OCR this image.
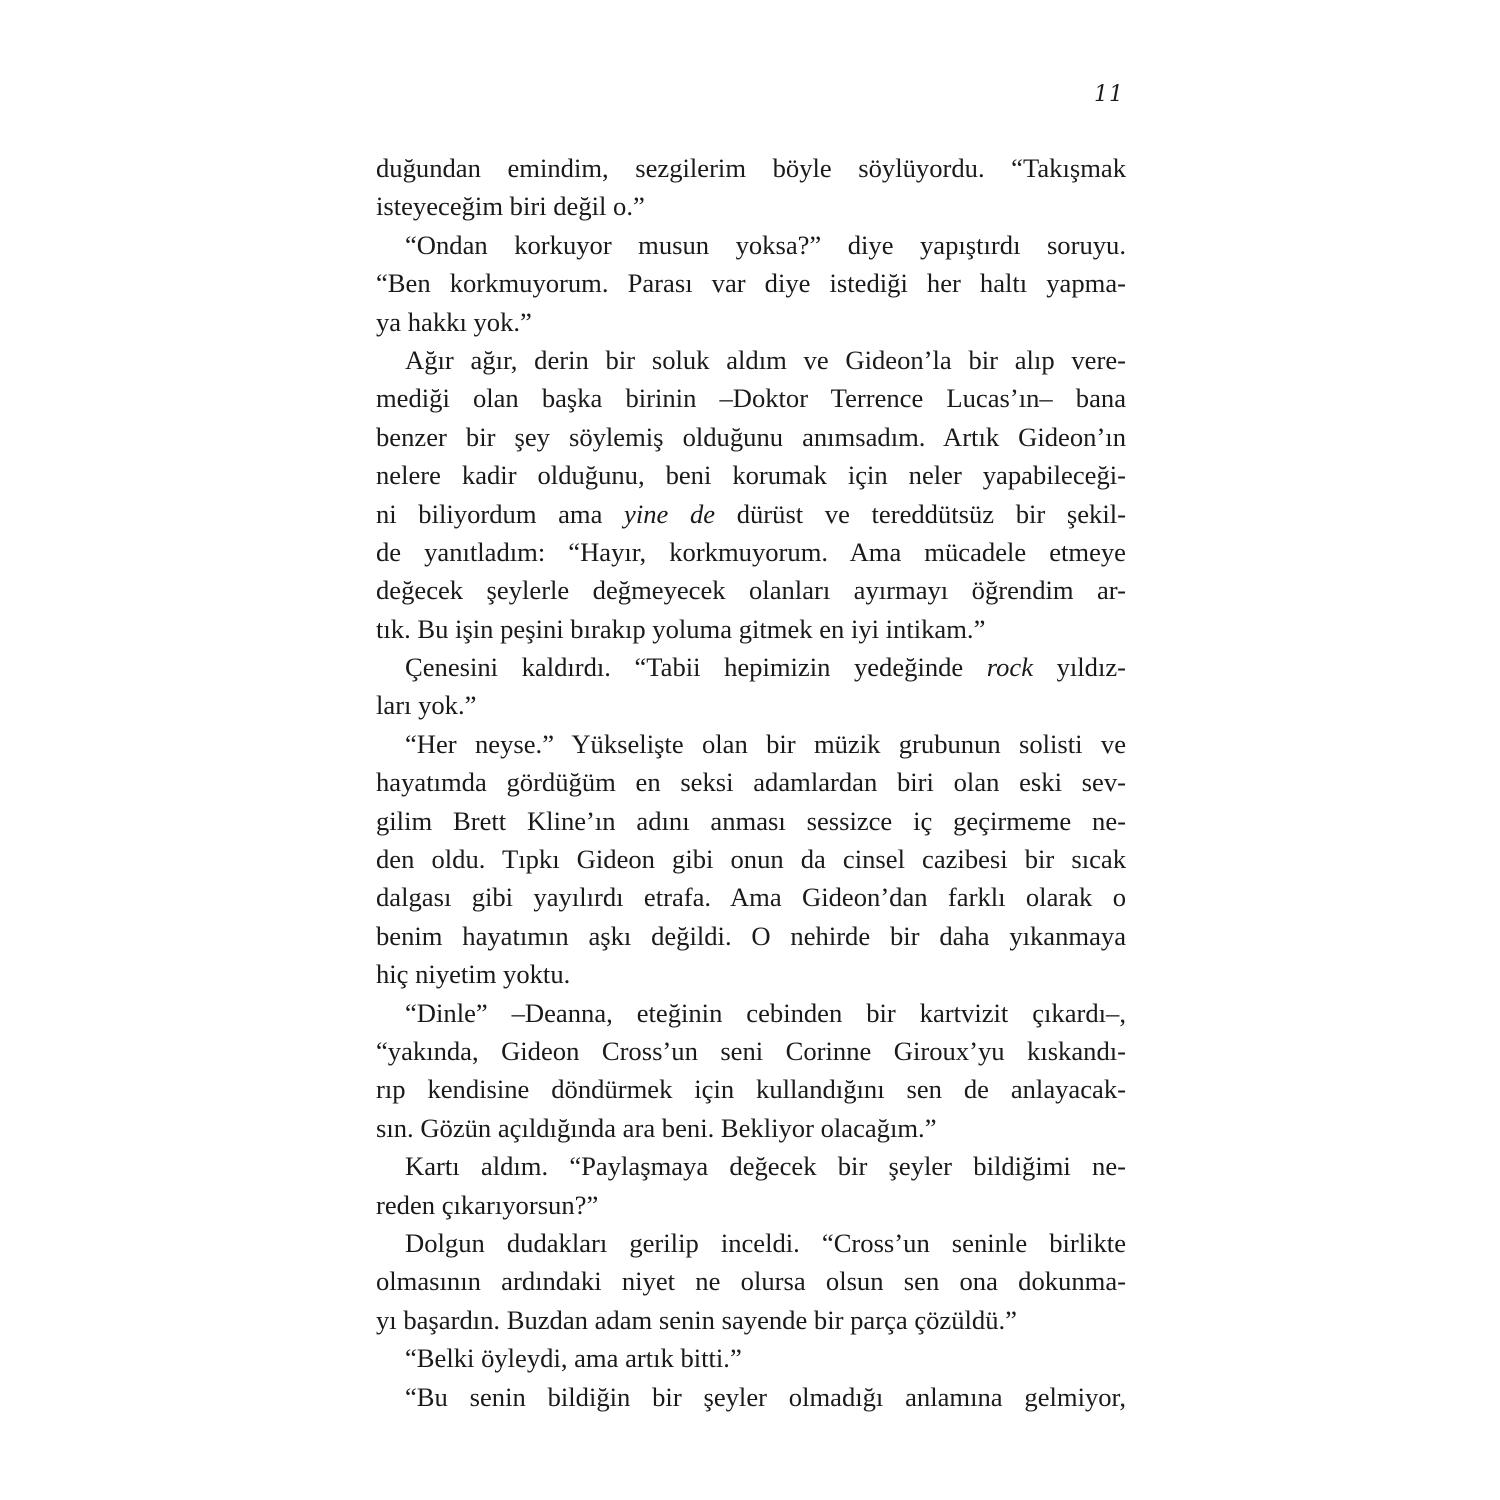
11
duğundan emindim, sezgilerim böyle söylüyordu. “Takışmak
isteyeceğim biri değil o.”
“Ondan korkuyor musun yoksa?” diye yapıştırdı soruyu.
“Ben korkmuyorum. Parası var diye istediği her haltı yapma-
ya hakkı yok.”
Ağır ağır, derin bir soluk aldım ve Gideon’la bir alıp vere-
mediği olan başka birinin –Doktor Terrence Lucas’ın– bana
benzer bir şey söylemiş olduğunu anımsadım. Artık Gideon’ın
nelere kadir olduğunu, beni korumak için neler yapabileceği-
ni biliyordum ama yine de dürüst ve tereddütsüz bir şekil-
de yanıtladım: “Hayır, korkmuyorum. Ama mücadele etmeye
değecek şeylerle değmeyecek olanları ayırmayı öğrendim ar-
tık. Bu işin peşini bırakıp yoluma gitmek en iyi intikam.”
Çenesini kaldırdı. “Tabii hepimizin yedeğinde rock yıldız-
ları yok.”
“Her neyse.” Yükselişte olan bir müzik grubunun solisti ve
hayatımda gördüğüm en seksi adamlardan biri olan eski sev-
gilim Brett Kline’ın adını anması sessizce iç geçirmeme ne-
den oldu. Tıpkı Gideon gibi onun da cinsel cazibesi bir sıcak
dalgası gibi yayılırdı etrafa. Ama Gideon’dan farklı olarak o
benim hayatımın aşkı değildi. O nehirde bir daha yıkanmaya
hiç niyetim yoktu.
“Dinle” –Deanna, eteğinin cebinden bir kartvizit çıkardı–,
“yakında, Gideon Cross’un seni Corinne Giroux’yu kıskandı-
rıp kendisine döndürmek için kullandığını sen de anlayacak-
sın. Gözün açıldığında ara beni. Bekliyor olacağım.”
Kartı aldım. “Paylaşmaya değecek bir şeyler bildiğimi ne-
reden çıkarıyorsun?”
Dolgun dudakları gerilip inceldi. “Cross’un seninle birlikte
olmasının ardındaki niyet ne olursa olsun sen ona dokunma-
yı başardın. Buzdan adam senin sayende bir parça çözüldü.”
“Belki öyleydi, ama artık bitti.”
“Bu senin bildiğin bir şeyler olmadığı anlamına gelmiyor,
